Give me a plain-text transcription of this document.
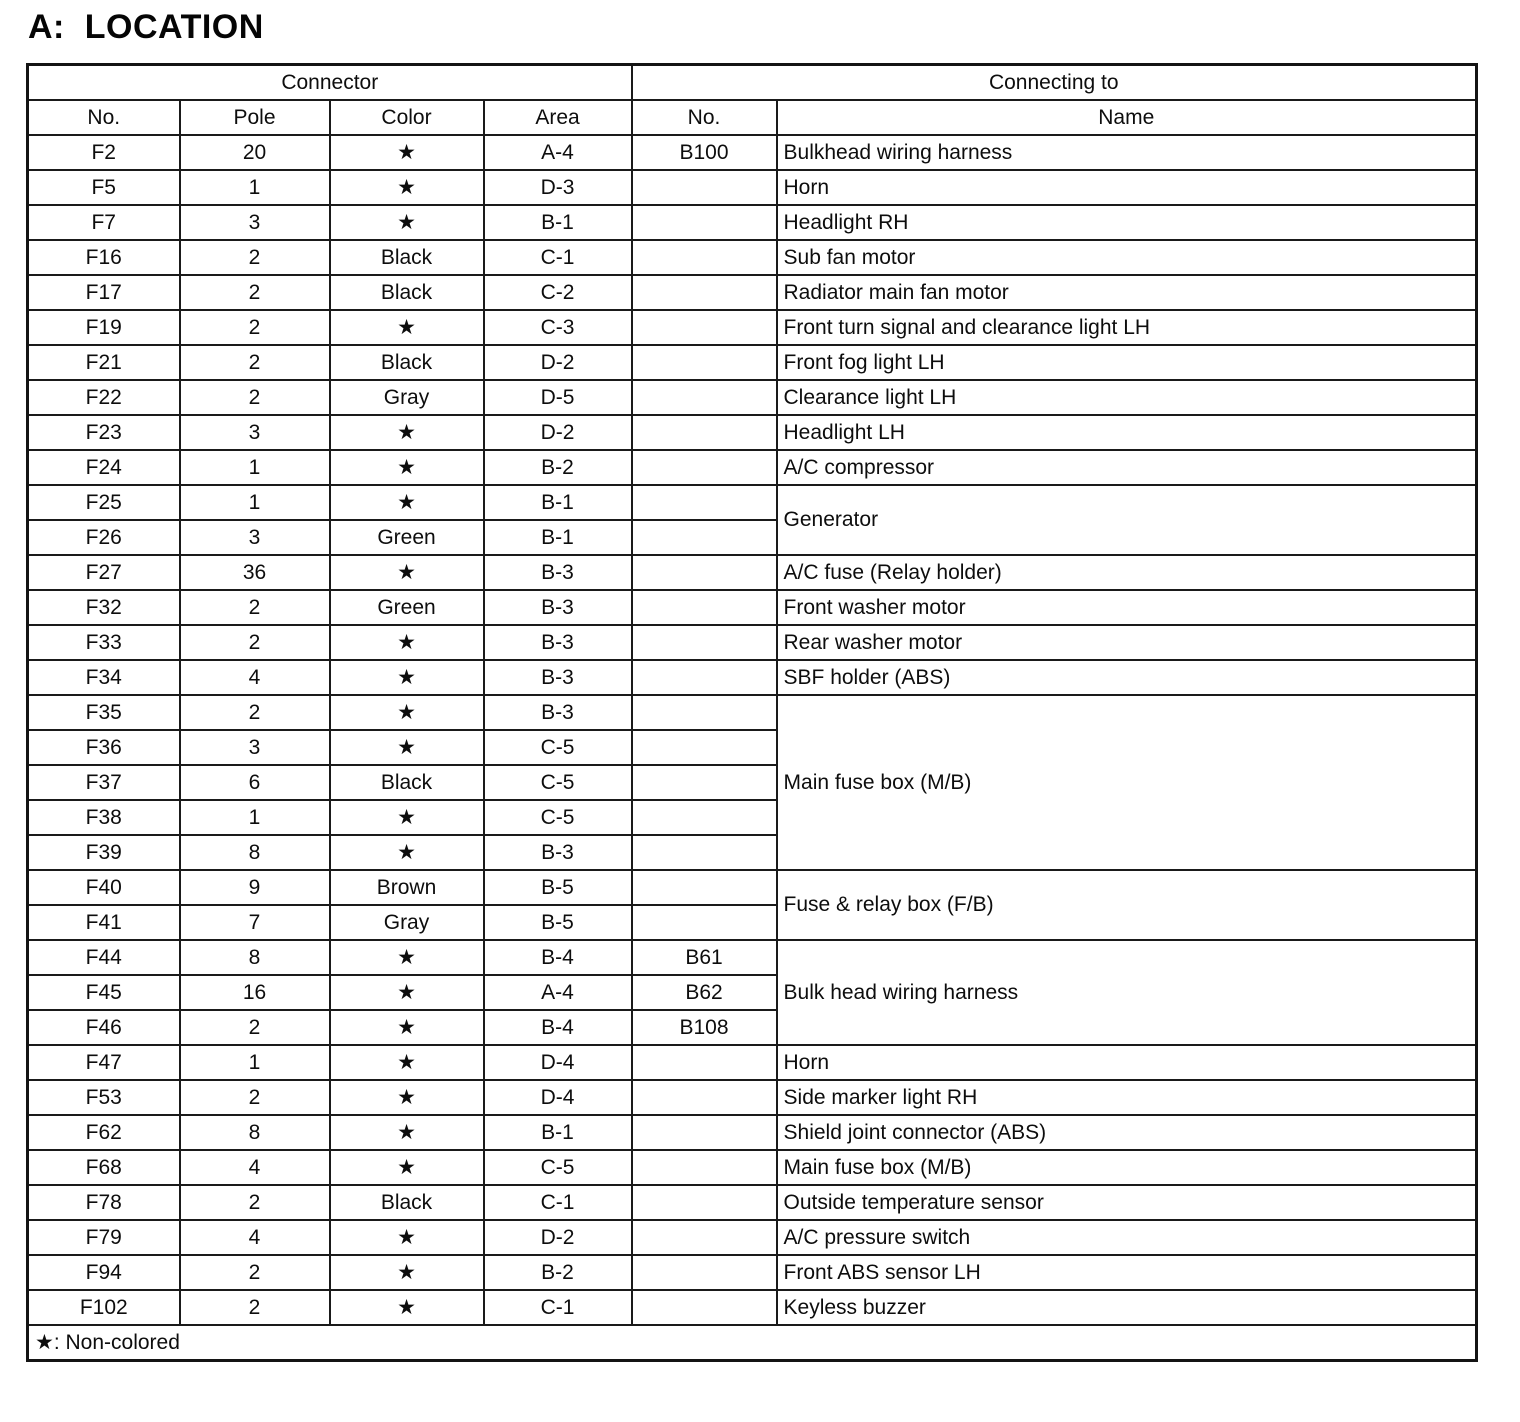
A:  LOCATION
Connector				Connecting to	
No.	Pole	Color	Area	No.	Name
F2	20	★	A-4	B100	Bulkhead wiring harness
F5	1	★	D-3		Horn
F7	3	★	B-1		Headlight RH
F16	2	Black	C-1		Sub fan motor
F17	2	Black	C-2		Radiator main fan motor
F19	2	★	C-3		Front turn signal and clearance light LH
F21	2	Black	D-2		Front fog light LH
F22	2	Gray	D-5		Clearance light LH
F23	3	★	D-2		Headlight LH
F24	1	★	B-2		A/C compressor
F25	1	★	B-1		Generator
F26	3	Green	B-1		
F27	36	★	B-3		A/C fuse (Relay holder)
F32	2	Green	B-3		Front washer motor
F33	2	★	B-3		Rear washer motor
F34	4	★	B-3		SBF holder (ABS)
F35	2	★	B-3		Main fuse box (M/B)
F36	3	★	C-5		
F37	6	Black	C-5		
F38	1	★	C-5		
F39	8	★	B-3		
F40	9	Brown	B-5		Fuse & relay box (F/B)
F41	7	Gray	B-5		
F44	8	★	B-4	B61	Bulk head wiring harness
F45	16	★	A-4	B62	
F46	2	★	B-4	B108	
F47	1	★	D-4		Horn
F53	2	★	D-4		Side marker light RH
F62	8	★	B-1		Shield joint connector (ABS)
F68	4	★	C-5		Main fuse box (M/B)
F78	2	Black	C-1		Outside temperature sensor
F79	4	★	D-2		A/C pressure switch
F94	2	★	B-2		Front ABS sensor LH
F102	2	★	C-1		Keyless buzzer
★: Non-colored					
